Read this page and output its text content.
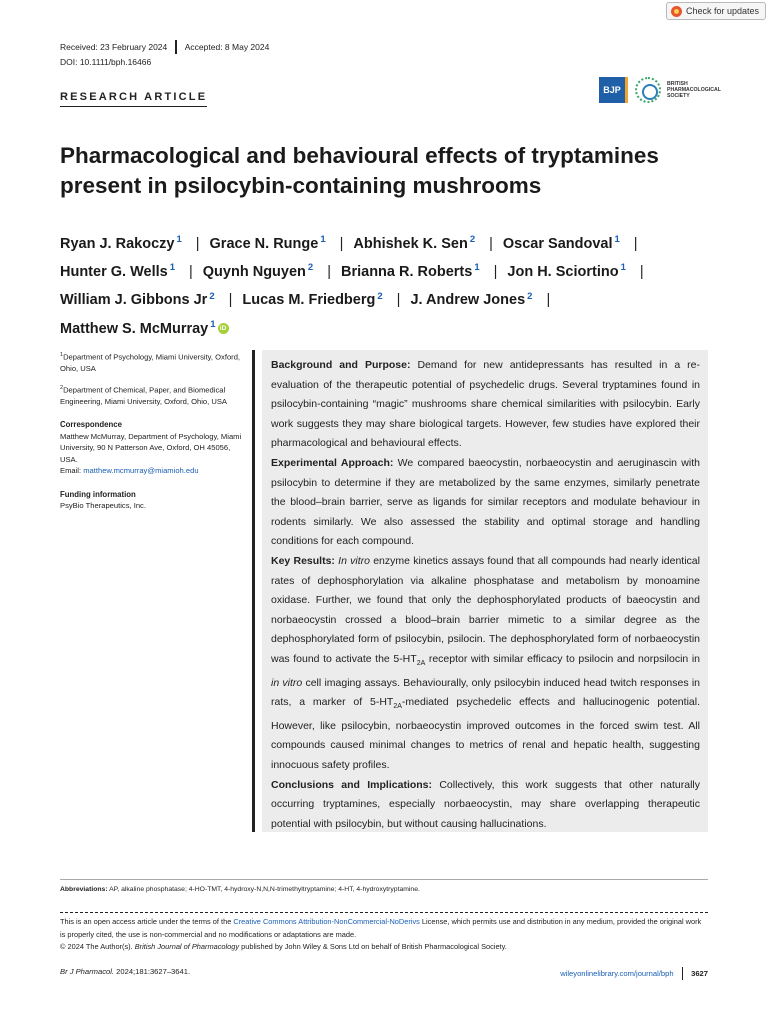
Check for updates
Received: 23 February 2024 Accepted: 8 May 2024
DOI: 10.1111/bph.16466
RESEARCH ARTICLE
BJP
BRITISH PHARMACOLOGICAL SOCIETY
Pharmacological and behavioural effects of tryptamines present in psilocybin-containing mushrooms
Ryan J. Rakoczy $^1$ | Grace N. Runge $^1$ | Abhishek K. Sen $^2$ | Oscar Sandoval $^1$ |
Hunter G. Wells $^1$ | Quynh Nguyen $^2$ | Brianna R. Roberts $^1$ | Jon H. Sciortino $^1$ |
William J. Gibbons Jr $^2$ | Lucas M. Friedberg $^2$ | J. Andrew Jones $^2$ |
Matthew S. McMurray $^1$ iD
$^1$Department of Psychology, Miami University, Oxford, Ohio, USA
$^2$Department of Chemical, Paper, and Biomedical Engineering, Miami University, Oxford, Ohio, USA
Correspondence
Matthew McMurray, Department of Psychology, Miami University, 90 N Patterson Ave, Oxford, OH 45056, USA.
Email: matthew.mcmurray@miamioh.edu
Funding information
PsyBio Therapeutics, Inc.

Background and Purpose: Demand for new antidepressants has resulted in a re-evaluation of the therapeutic potential of psychedelic drugs. Several tryptamines found in psilocybin-containing “magic” mushrooms share chemical similarities with psilocybin. Early work suggests they may share biological targets. However, few studies have explored their pharmacological and behavioural effects.

Experimental Approach: We compared baeocystin, norbaeocystin and aeruginascin with psilocybin to determine if they are metabolized by the same enzymes, similarly penetrate the blood–brain barrier, serve as ligands for similar receptors and modulate behaviour in rodents similarly. We also assessed the stability and optimal storage and handling conditions for each compound.

Key Results: In vitro enzyme kinetics assays found that all compounds had nearly identical rates of dephosphorylation via alkaline phosphatase and metabolism by monoamine oxidase. Further, we found that only the dephosphorylated products of baeocystin and norbaeocystin crossed a blood–brain barrier mimetic to a similar degree as the dephosphorylated form of psilocybin, psilocin. The dephosphorylated form of norbaeocystin was found to activate the $5-HT_{2A}$ receptor with similar efficacy to psilocin and norpsilocin in in vitro cell imaging assays. Behaviourally, only psilocybin induced head twitch responses in rats, a marker of $5-HT_{2A}$-mediated psychedelic effects and hallucinogenic potential. However, like psilocybin, norbaeocystin improved outcomes in the forced swim test. All compounds caused minimal changes to metrics of renal and hepatic health, suggesting innocuous safety profiles.

Conclusions and Implications: Collectively, this work suggests that other naturally occurring tryptamines, especially norbaeocystin, may share overlapping therapeutic potential with psilocybin, but without causing hallucinations.

Abbreviations: AP, alkaline phosphatase; 4-HO-TMT, 4-hydroxy-N,N,N-trimethyltryptamine; 4-HT, 4-hydroxytryptamine.
This is an open access article under the terms of the Creative Commons Attribution-NonCommercial-NoDerivs License, which permits use and distribution in any medium, provided the original work is properly cited, the use is non-commercial and no modifications or adaptations are made.
© 2024 The Author(s). British Journal of Pharmacology published by John Wiley & Sons Ltd on behalf of British Pharmacological Society.
Br J Pharmacol. 2024;181:3627–3641.	wileyonlinelibrary.com/journal/bph 3627
